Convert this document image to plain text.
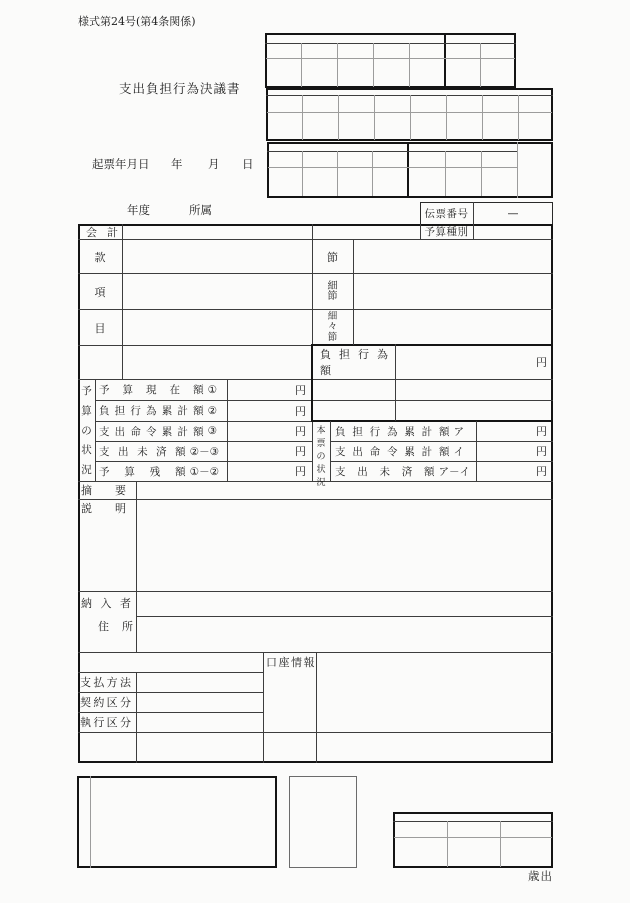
様式第24号(第4条関係)
支出負担行為決議書
起票年月日 年 月 日
年度	所属	伝票番号	—
会 計	予算種別
款
項
目
節
細
節
細
々
節
負 担 行 為 額
円
予
算
の
状
況
予 算 現 在 額 ①	円
負担行為累計額 ②	円
支出命令累計額 ③	円
支 出 未 済 額 ②－③	円
予 算 残 額 ①－②	円
本
票
の
状
況
負担行為累計額 ア	円
支出命令累計額 イ	円
支 出 未 済 額 ア－イ	円
摘 要
説 明
納 入 者
住 所
口座情報
支払方法
契約区分
執行区分
歳出
